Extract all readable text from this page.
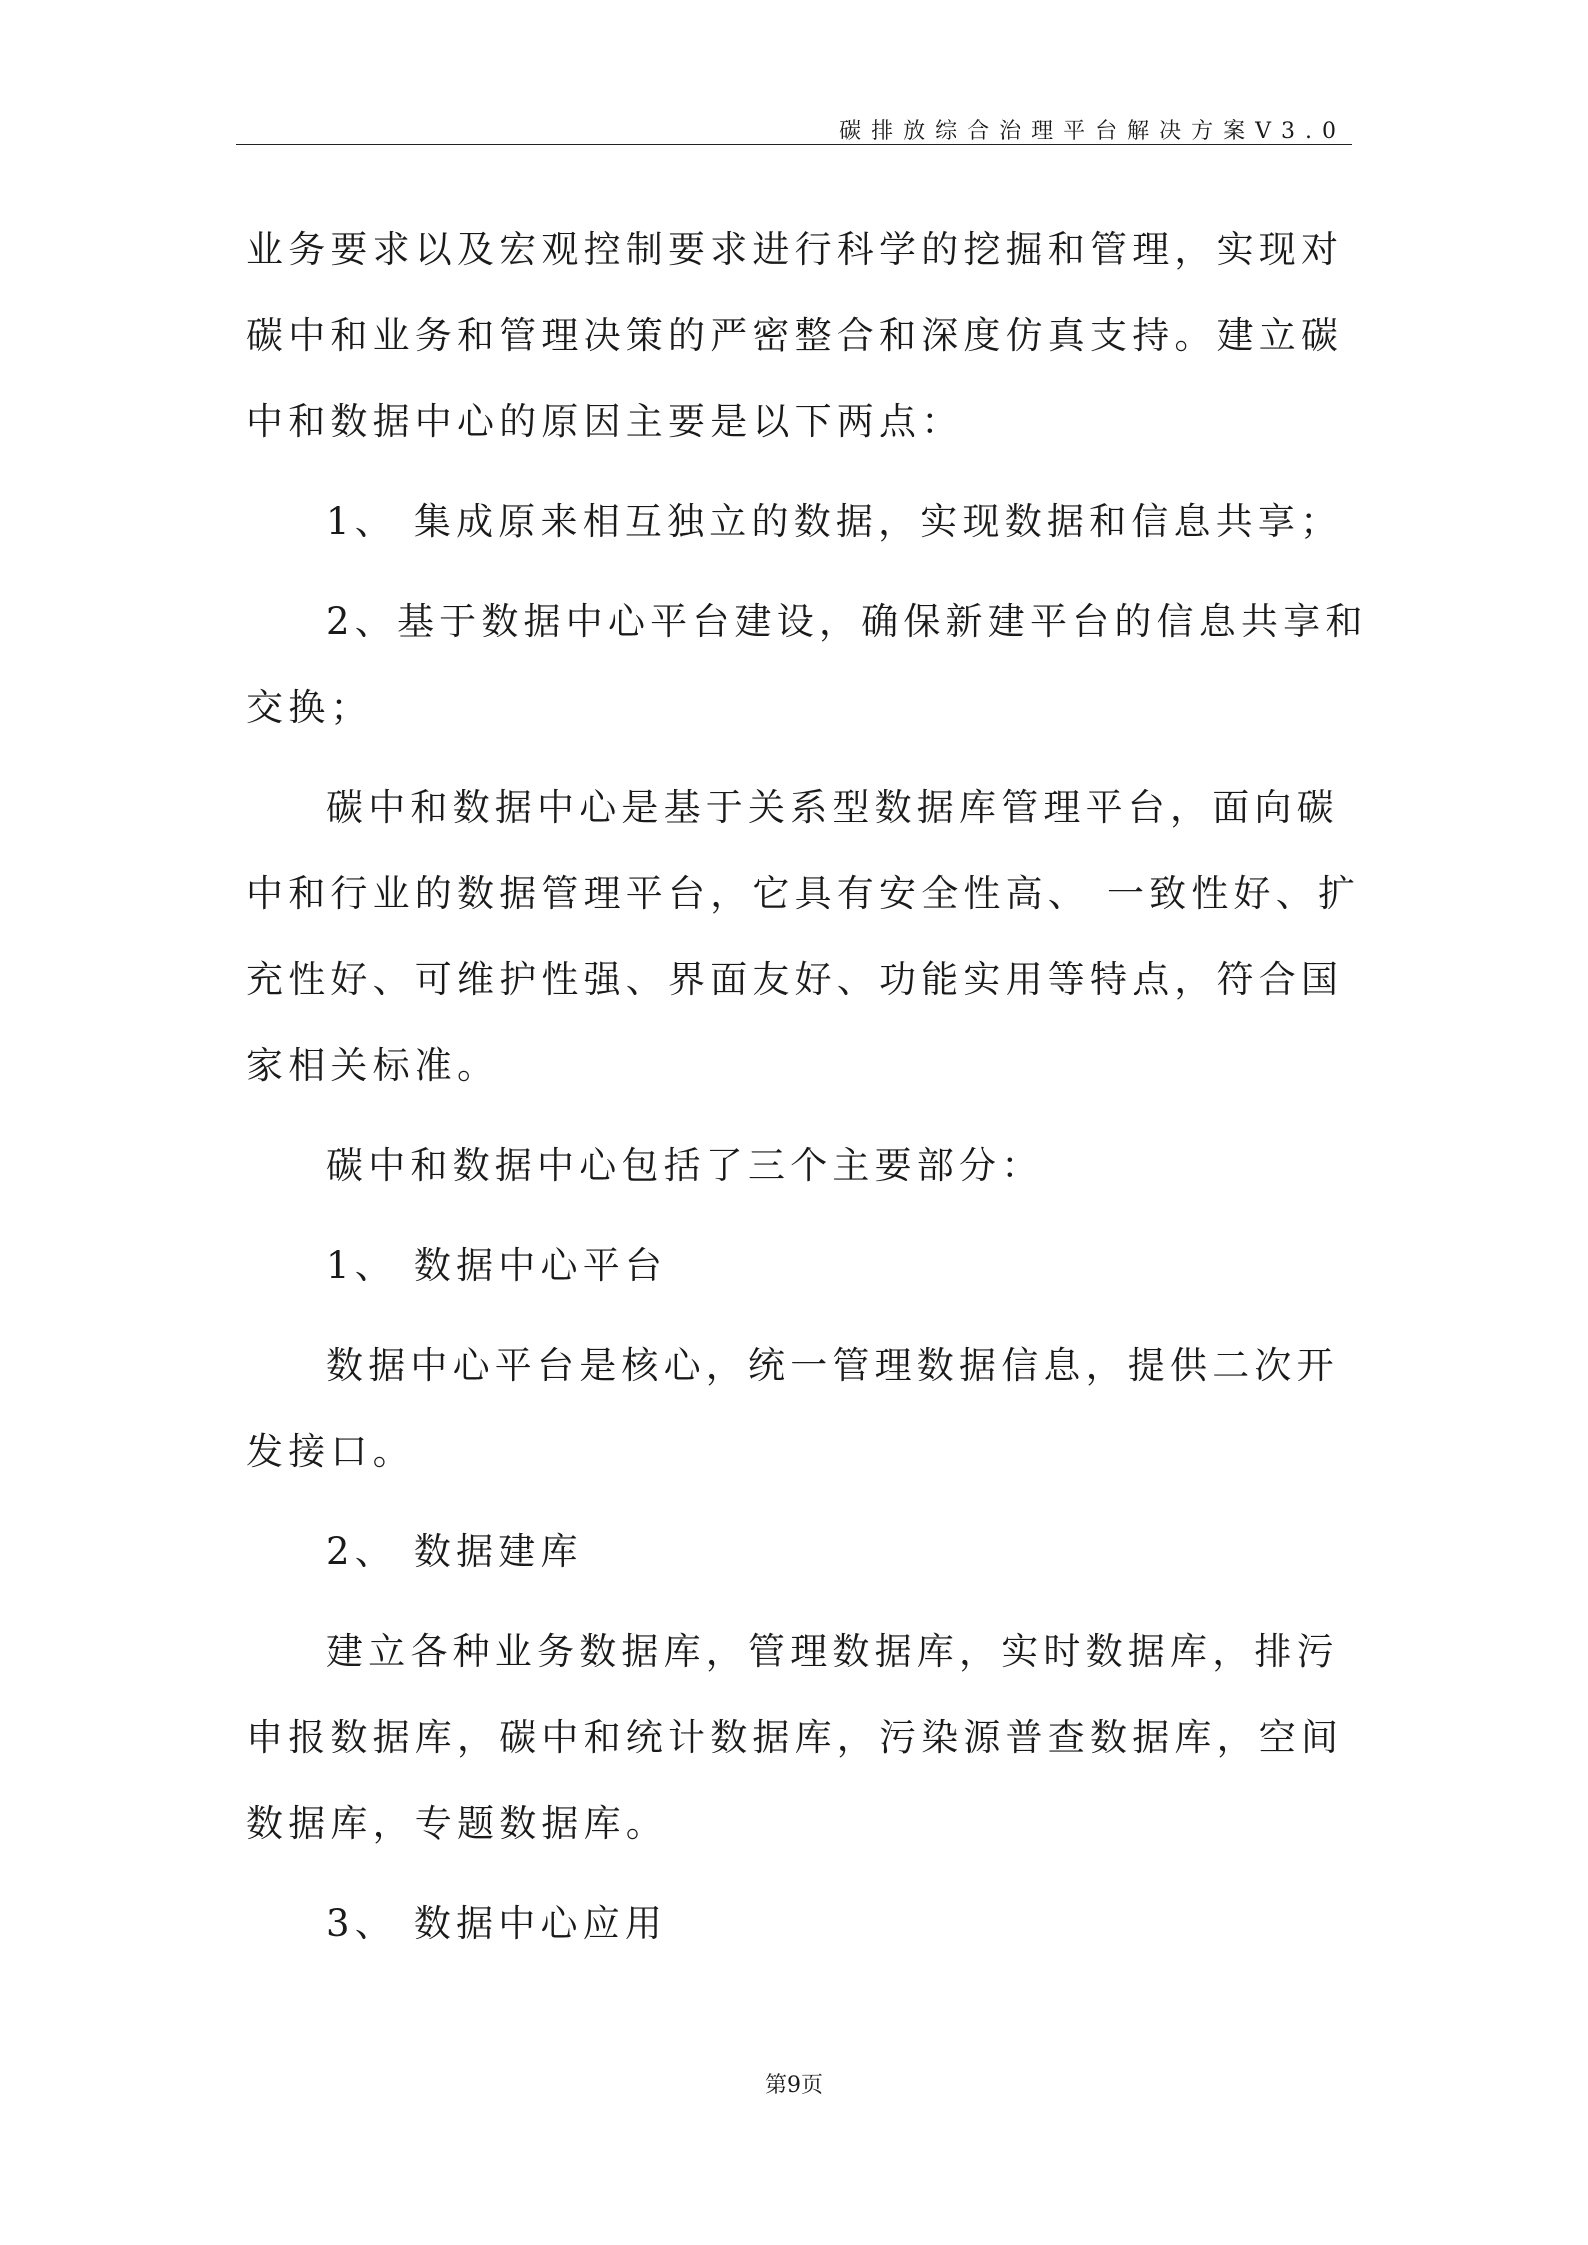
碳排放综合治理平台解决方案V3.0

业务要求以及宏观控制要求进行科学的挖掘和管理，实现对

碳中和业务和管理决策的严密整合和深度仿真支持。建立碳

中和数据中心的原因主要是以下两点：

1、 集成原来相互独立的数据，实现数据和信息共享；

2、基于数据中心平台建设，确保新建平台的信息共享和

交换；

碳中和数据中心是基于关系型数据库管理平台，面向碳

中和行业的数据管理平台，它具有安全性高、 一致性好、扩

充性好、可维护性强、界面友好、功能实用等特点，符合国

家相关标准。

碳中和数据中心包括了三个主要部分：

1、 数据中心平台

数据中心平台是核心，统一管理数据信息，提供二次开

发接口。

2、 数据建库

建立各种业务数据库，管理数据库，实时数据库，排污

申报数据库，碳中和统计数据库，污染源普查数据库，空间

数据库，专题数据库。

3、 数据中心应用

第9页
